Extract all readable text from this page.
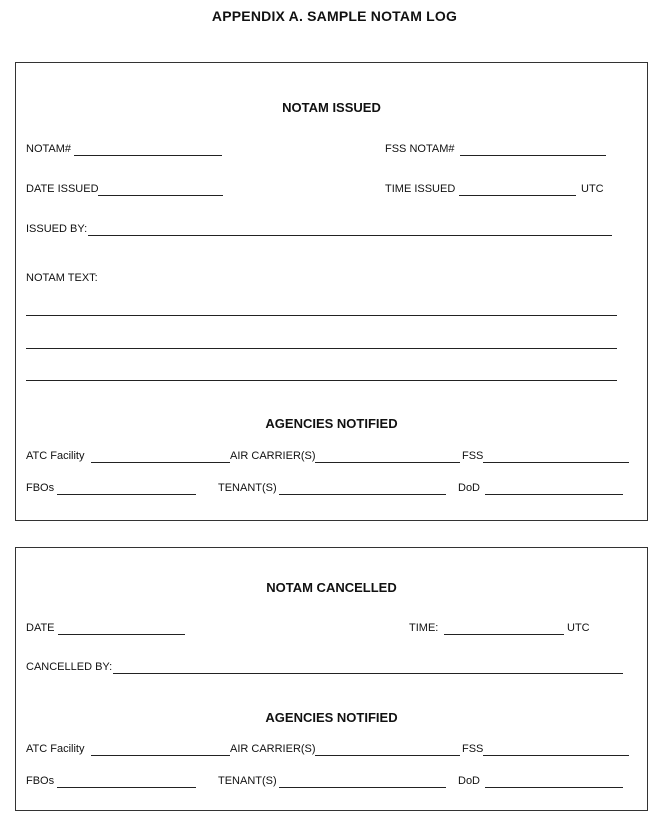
APPENDIX A. SAMPLE NOTAM LOG
NOTAM ISSUED
NOTAM#	FSS NOTAM#
DATE ISSUED	TIME ISSUED	UTC
ISSUED BY:
NOTAM TEXT:
AGENCIES NOTIFIED
ATC Facility	AIR CARRIER(S)	FSS
FBOs	TENANT(S)	DoD
NOTAM CANCELLED
DATE	TIME:	UTC
CANCELLED BY:
AGENCIES NOTIFIED
ATC Facility	AIR CARRIER(S)	FSS
FBOs	TENANT(S)	DoD
